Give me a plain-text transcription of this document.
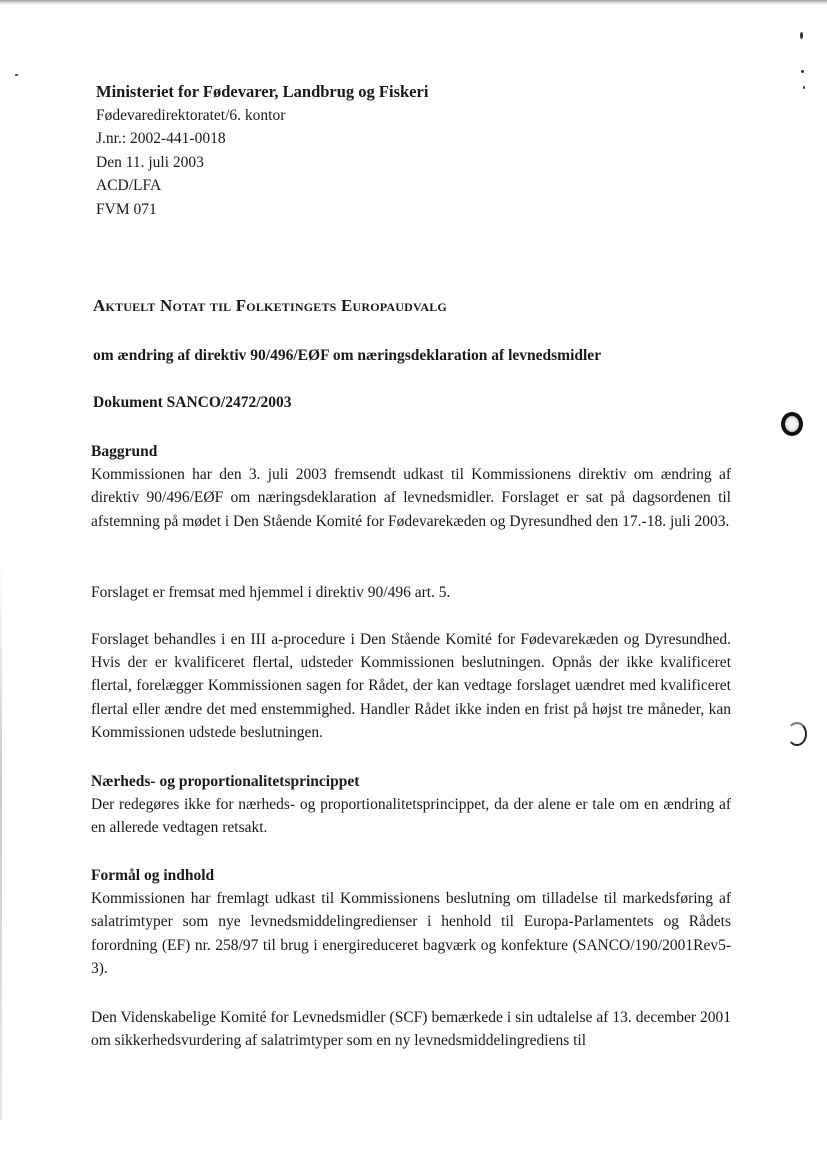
Ministeriet for Fødevarer, Landbrug og Fiskeri
Fødevaredirektoratet/6. kontor
J.nr.: 2002-441-0018
Den 11. juli 2003
ACD/LFA
FVM 071
Aktuelt Notat til Folketingets Europaudvalg
om ændring af direktiv 90/496/EØF om næringsdeklaration af levnedsmidler
Dokument SANCO/2472/2003
Baggrund

Kommissionen har den 3. juli 2003 fremsendt udkast til Kommissionens direktiv om ændring af direktiv 90/496/EØF om næringsdeklaration af levnedsmidler. Forslaget er sat på dagsordenen til afstemning på mødet i Den Stående Komité for Fødevarekæden og Dyresundhed den 17.-18. juli 2003.

Forslaget er fremsat med hjemmel i direktiv 90/496 art. 5.

Forslaget behandles i en III a-procedure i Den Stående Komité for Fødevarekæden og Dyresundhed. Hvis der er kvalificeret flertal, udsteder Kommissionen beslutningen. Opnås der ikke kvalificeret flertal, forelægger Kommissionen sagen for Rådet, der kan vedtage forslaget uændret med kvalificeret flertal eller ændre det med enstemmighed. Handler Rådet ikke inden en frist på højst tre måneder, kan Kommissionen udstede beslutningen.

Nærheds- og proportionalitetsprincippet

Der redegøres ikke for nærheds- og proportionalitetsprincippet, da der alene er tale om en ændring af en allerede vedtagen retsakt.

Formål og indhold

Kommissionen har fremlagt udkast til Kommissionens beslutning om tilladelse til markedsføring af salatrimtyper som nye levnedsmiddelingredienser i henhold til Europa-Parlamentets og Rådets forordning (EF) nr. 258/97 til brug i energireduceret bagværk og konfekture (SANCO/190/2001Rev5-3).

Den Videnskabelige Komité for Levnedsmidler (SCF) bemærkede i sin udtalelse af 13. december 2001 om sikkerhedsvurdering af salatrimtyper som en ny levnedsmiddelingrediens til
